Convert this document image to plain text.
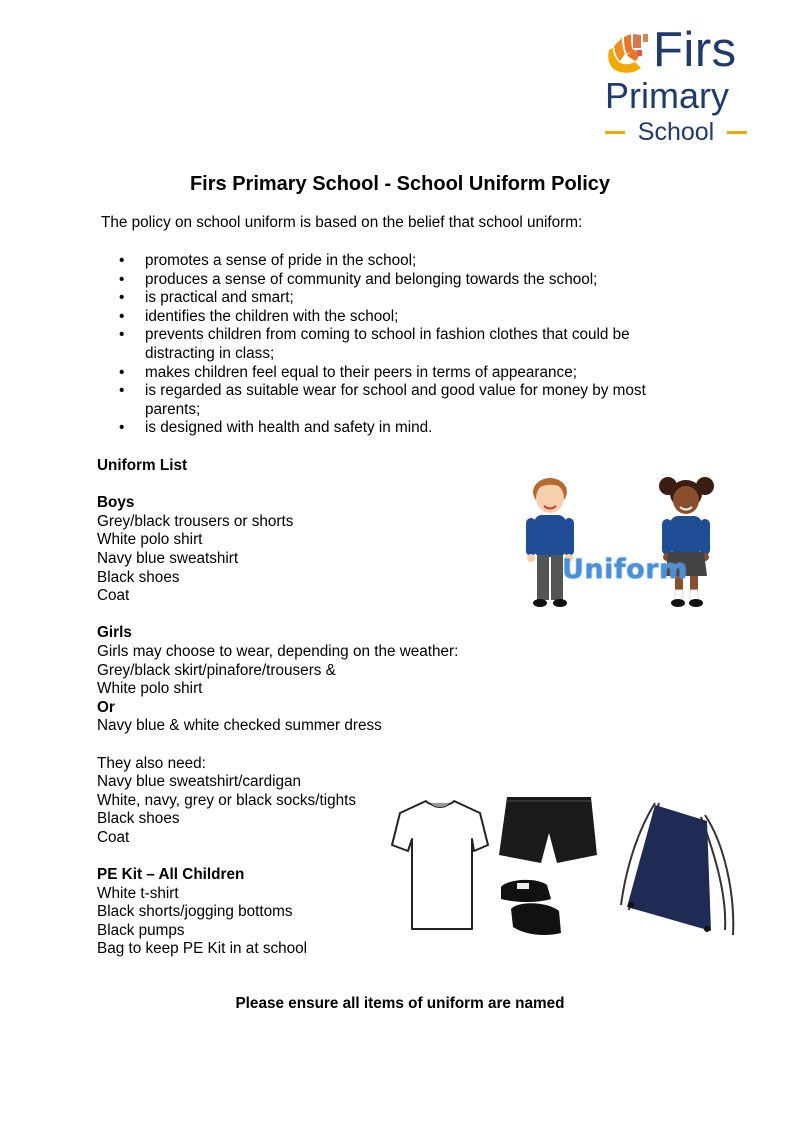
Firs
Primary
School
Firs Primary School - School Uniform Policy
The policy on school uniform is based on the belief that school uniform:
• promotes a sense of pride in the school;
• produces a sense of community and belonging towards the school;
• is practical and smart;
• identifies the children with the school;
• prevents children from coming to school in fashion clothes that could be
distracting in class;
• makes children feel equal to their peers in terms of appearance;
• is regarded as suitable wear for school and good value for money by most
parents;
• is designed with health and safety in mind.
Uniform List
Boys
Grey/black trousers or shorts
White polo shirt
Navy blue sweatshirt
Black shoes
Coat
Girls
Girls may choose to wear, depending on the weather:
Grey/black skirt/pinafore/trousers &
White polo shirt
Or
Navy blue & white checked summer dress
They also need:
Navy blue sweatshirt/cardigan
White, navy, grey or black socks/tights
Black shoes
Coat
PE Kit – All Children
White t-shirt
Black shorts/jogging bottoms
Black pumps
Bag to keep PE Kit in at school
Uniform
Please ensure all items of uniform are named
